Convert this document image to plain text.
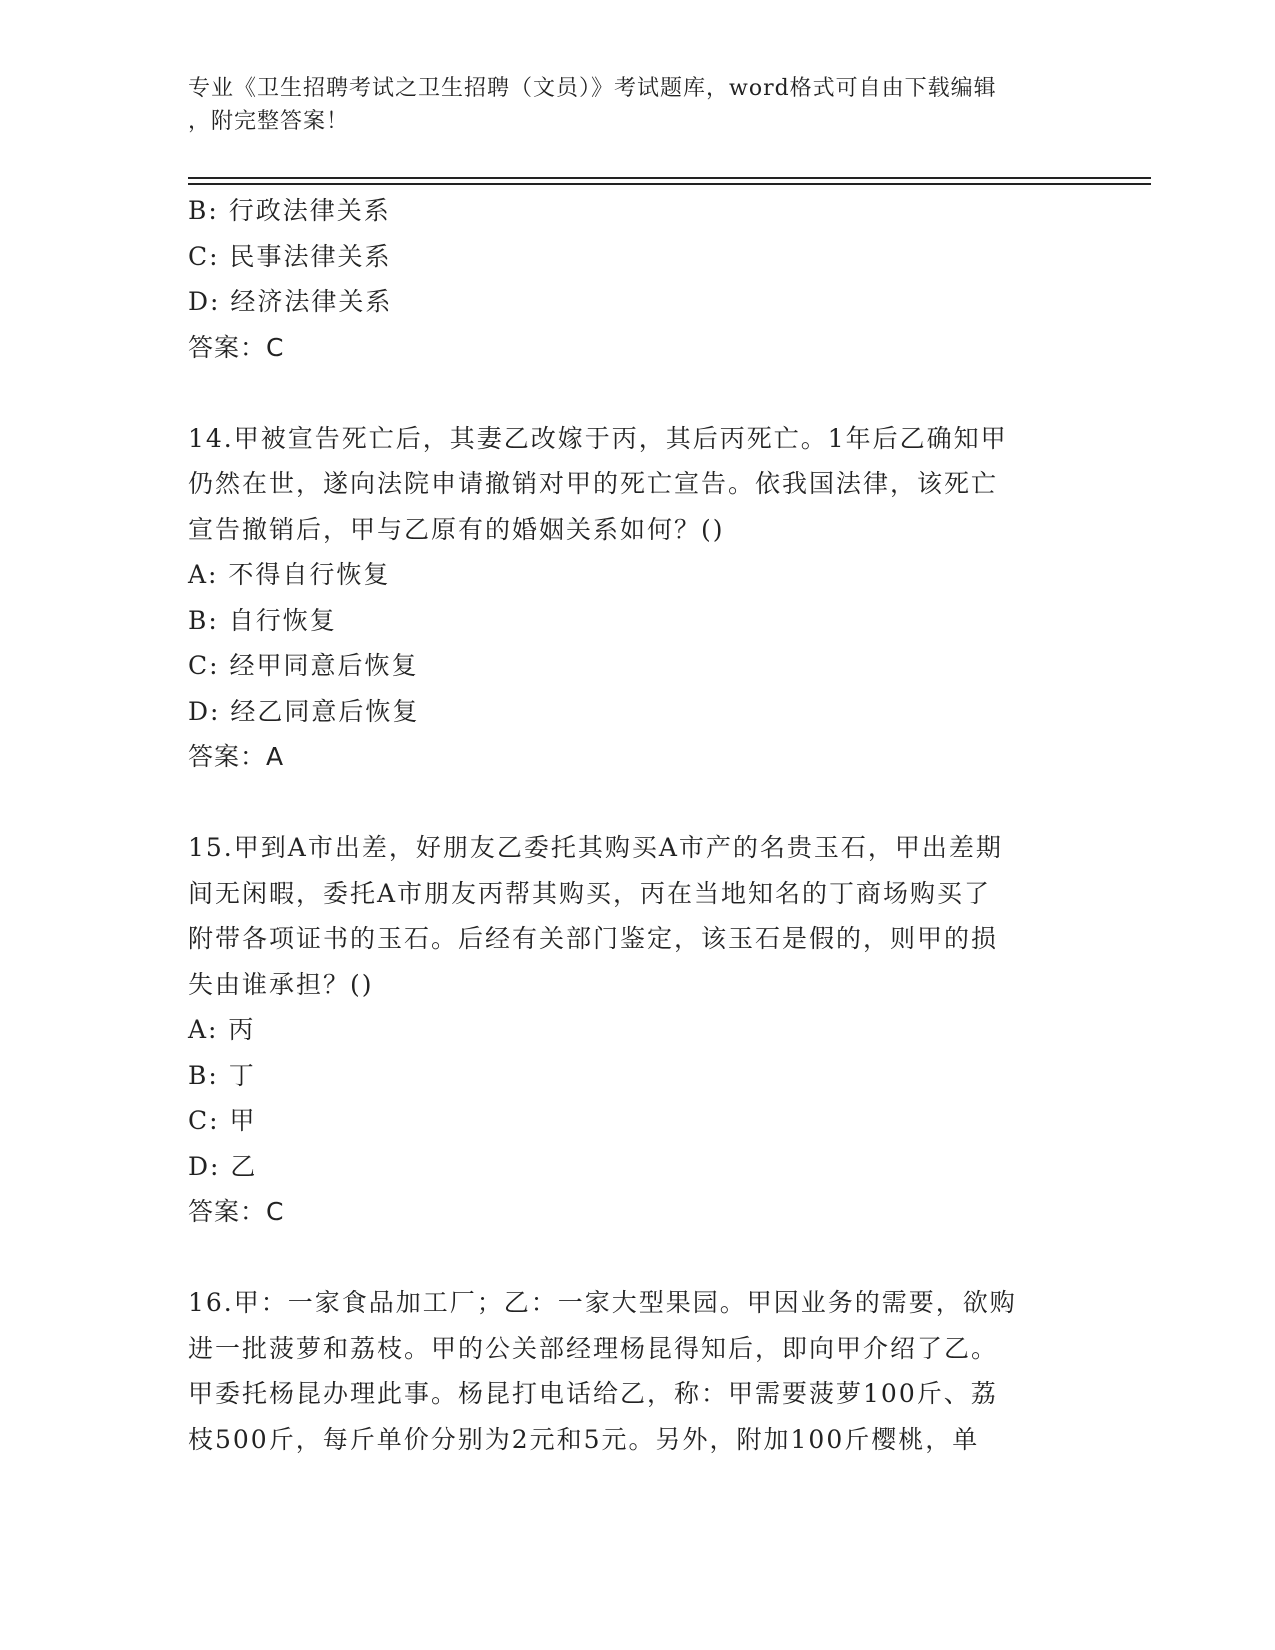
专业《卫生招聘考试之卫生招聘（文员）》考试题库，word格式可自由下载编辑
，附完整答案！
B: 行政法律关系
C: 民事法律关系
D: 经济法律关系
答案：C
14.甲被宣告死亡后，其妻乙改嫁于丙，其后丙死亡。1年后乙确知甲
仍然在世，遂向法院申请撤销对甲的死亡宣告。依我国法律，该死亡
宣告撤销后，甲与乙原有的婚姻关系如何？()
A: 不得自行恢复
B: 自行恢复
C: 经甲同意后恢复
D: 经乙同意后恢复
答案：A
15.甲到A市出差，好朋友乙委托其购买A市产的名贵玉石，甲出差期
间无闲暇，委托A市朋友丙帮其购买，丙在当地知名的丁商场购买了
附带各项证书的玉石。后经有关部门鉴定，该玉石是假的，则甲的损
失由谁承担？()
A: 丙
B: 丁
C: 甲
D: 乙
答案：C
16.甲：一家食品加工厂；乙：一家大型果园。甲因业务的需要，欲购
进一批菠萝和荔枝。甲的公关部经理杨昆得知后，即向甲介绍了乙。
甲委托杨昆办理此事。杨昆打电话给乙，称：甲需要菠萝100斤、荔
枝500斤，每斤单价分别为2元和5元。另外，附加100斤樱桃，单
